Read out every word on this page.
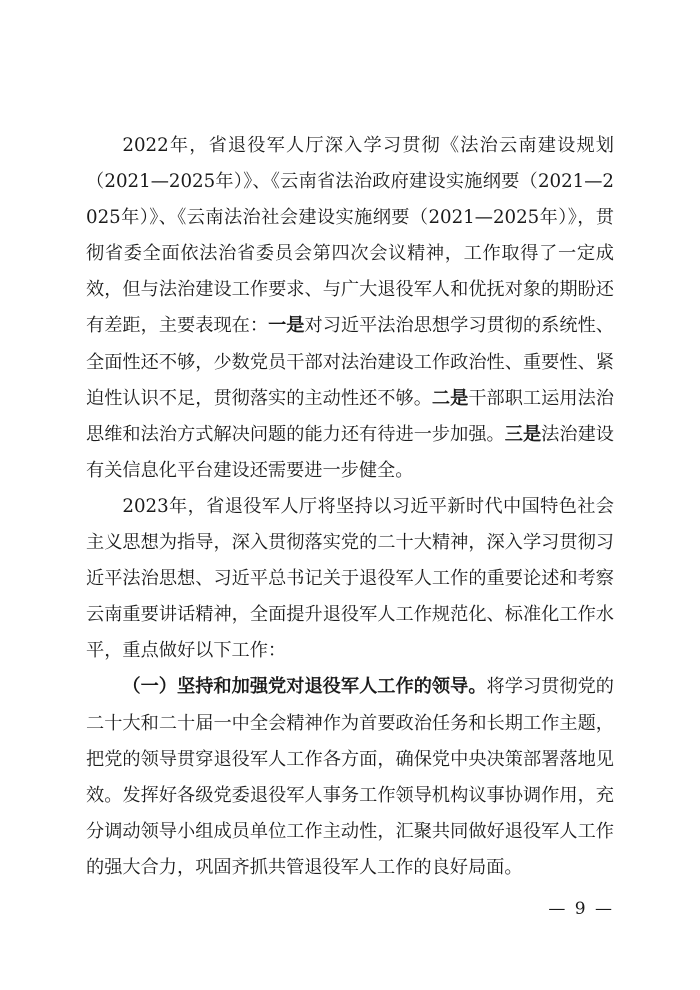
2022年，省退役军人厅深入学习贯彻《法治云南建设规划（2021—2025年）》、《云南省法治政府建设实施纲要（2021—2025年）》、《云南法治社会建设实施纲要（2021—2025年）》，贯彻省委全面依法治省委员会第四次会议精神，工作取得了一定成效，但与法治建设工作要求、与广大退役军人和优抚对象的期盼还有差距，主要表现在：一是对习近平法治思想学习贯彻的系统性、全面性还不够，少数党员干部对法治建设工作政治性、重要性、紧迫性认识不足，贯彻落实的主动性还不够。二是干部职工运用法治思维和法治方式解决问题的能力还有待进一步加强。三是法治建设有关信息化平台建设还需要进一步健全。

2023年，省退役军人厅将坚持以习近平新时代中国特色社会主义思想为指导，深入贯彻落实党的二十大精神，深入学习贯彻习近平法治思想、习近平总书记关于退役军人工作的重要论述和考察云南重要讲话精神，全面提升退役军人工作规范化、标准化工作水平，重点做好以下工作：

（一）坚持和加强党对退役军人工作的领导。将学习贯彻党的二十大和二十届一中全会精神作为首要政治任务和长期工作主题，把党的领导贯穿退役军人工作各方面，确保党中央决策部署落地见效。发挥好各级党委退役军人事务工作领导机构议事协调作用，充分调动领导小组成员单位工作主动性，汇聚共同做好退役军人工作的强大合力，巩固齐抓共管退役军人工作的良好局面。

— 9 —
